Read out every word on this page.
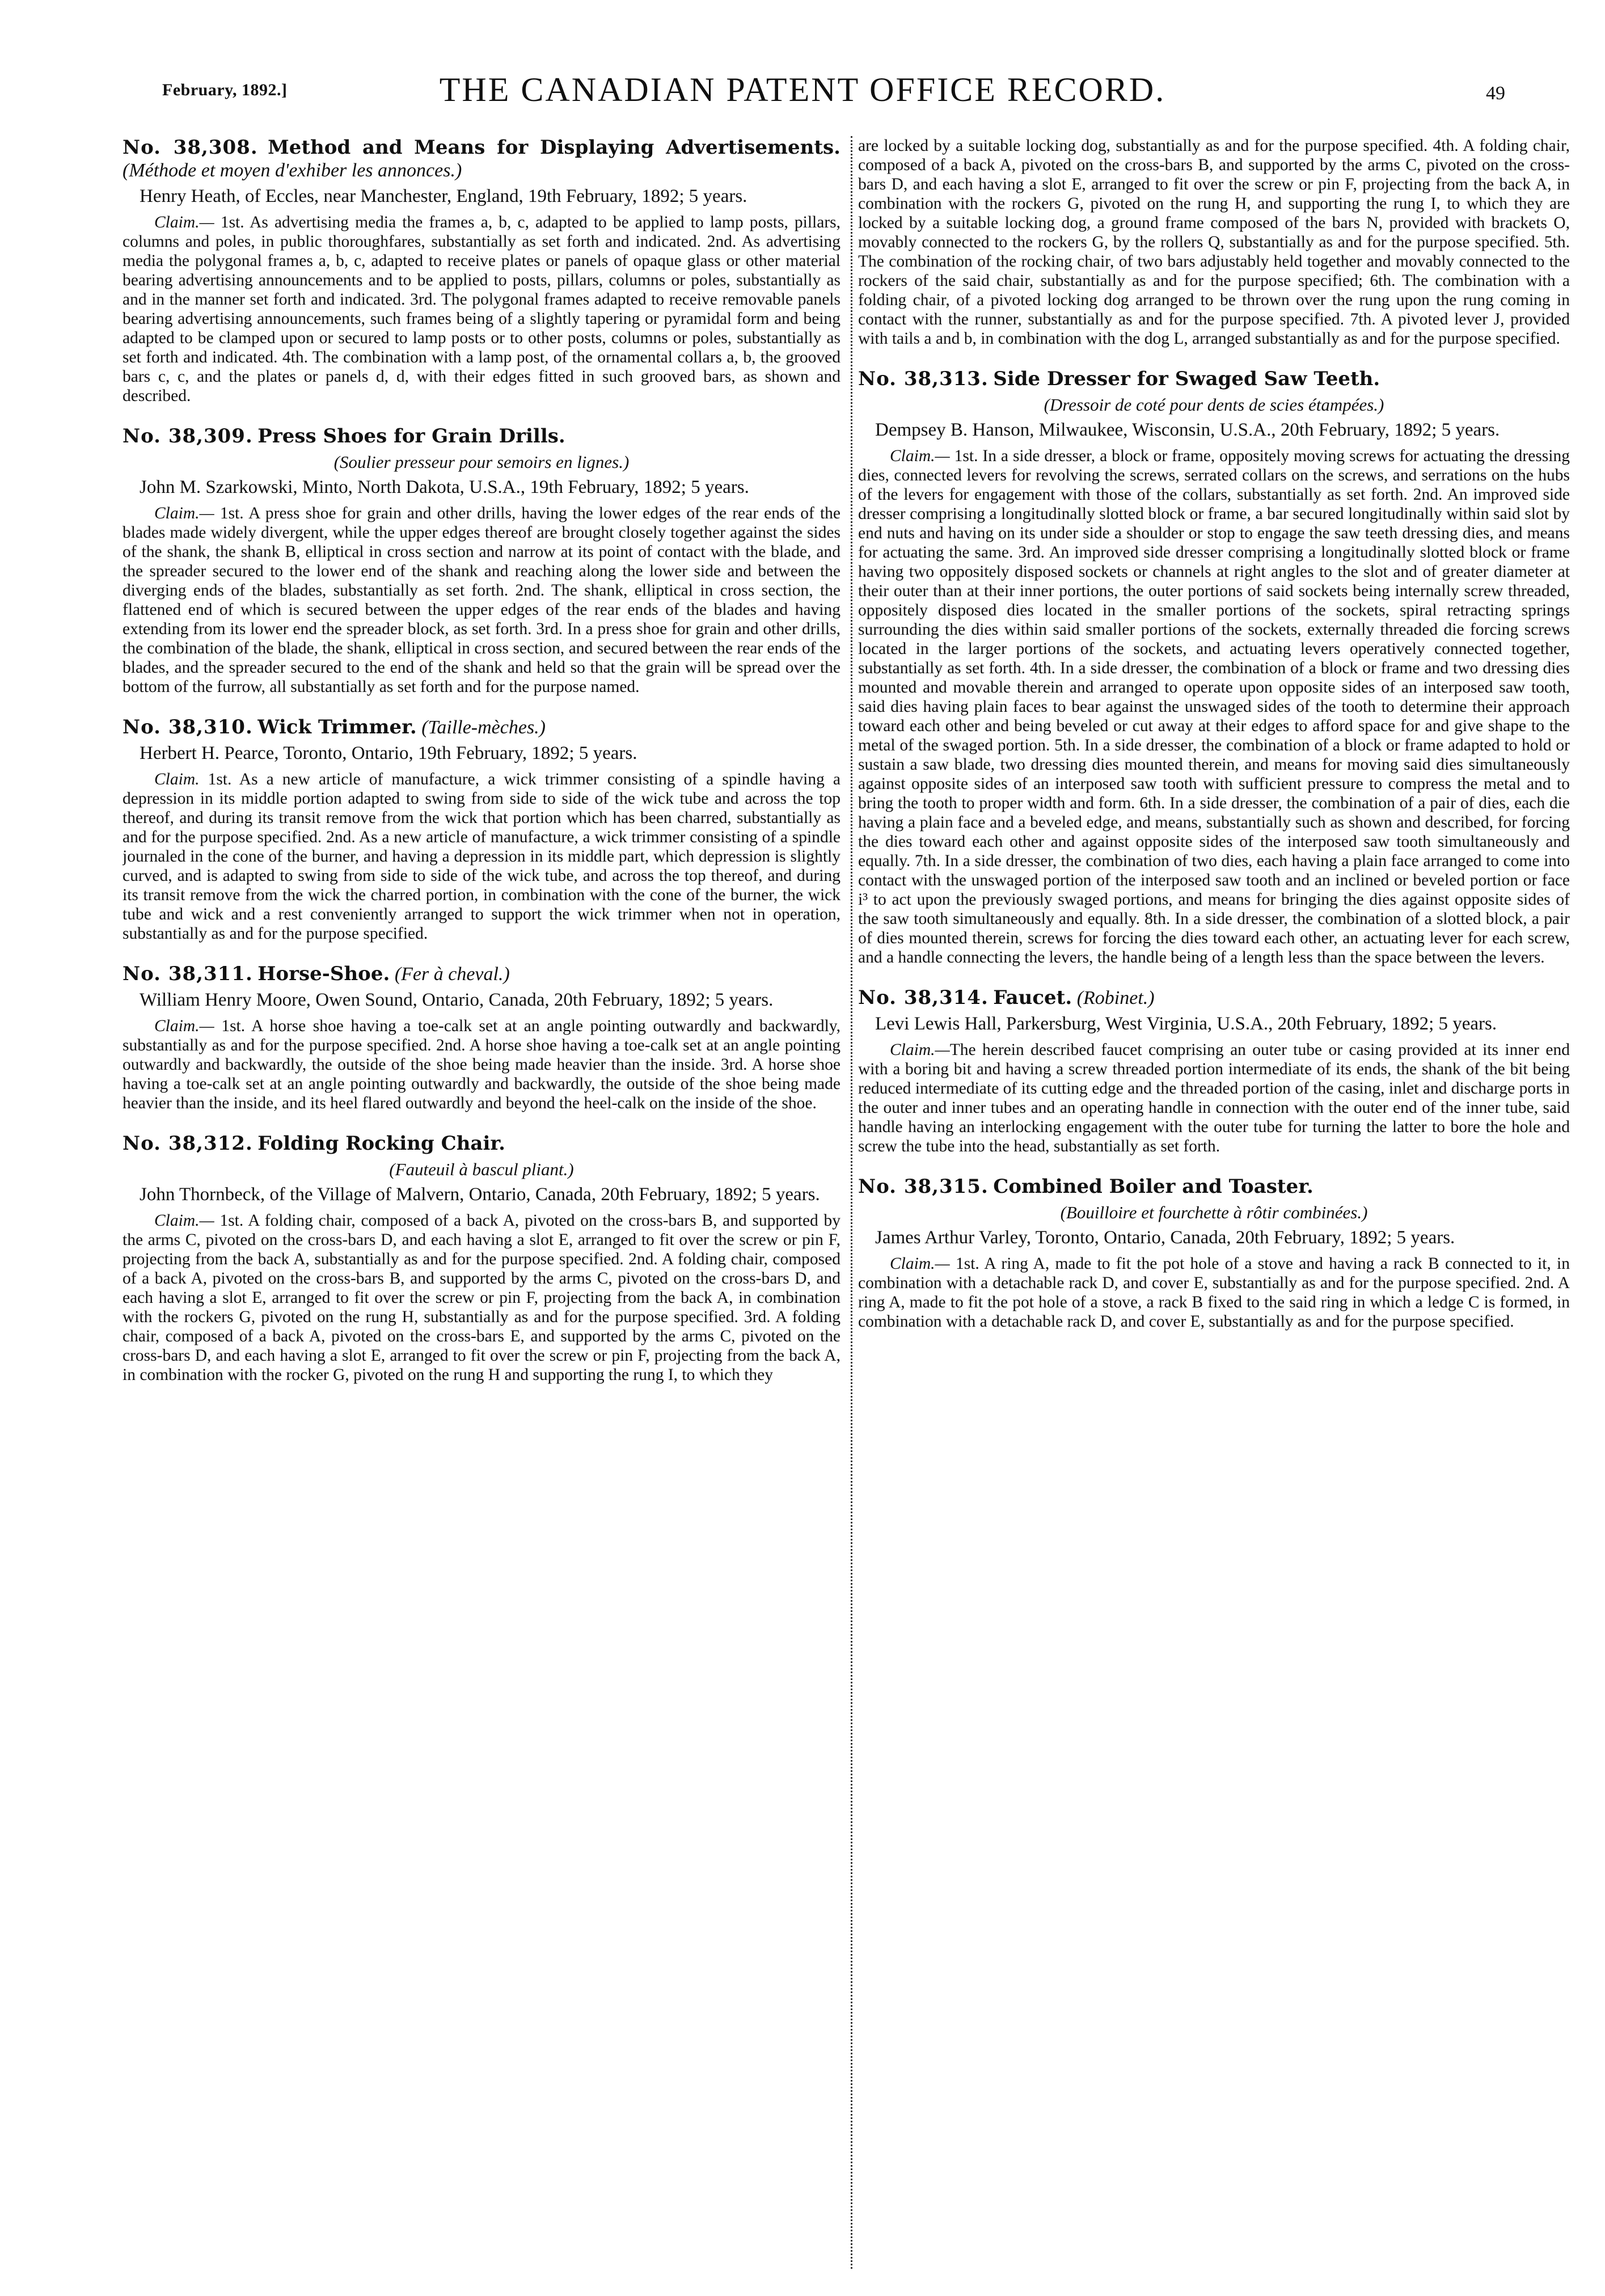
February, 1892.]	THE CANADIAN PATENT OFFICE RECORD.	49
No. 38,308. Method and Means for Displaying Advertisements. (Méthode et moyen d'exhiber les annonces.)
Henry Heath, of Eccles, near Manchester, England, 19th February, 1892; 5 years.

Claim.— 1st. As advertising media the frames a, b, c, adapted to be applied to lamp posts, pillars, columns and poles, in public thoroughfares, substantially as set forth and indicated. 2nd. As advertising media the polygonal frames a, b, c, adapted to receive plates or panels of opaque glass or other material bearing advertising announcements and to be applied to posts, pillars, columns or poles, substantially as and in the manner set forth and indicated. 3rd. The polygonal frames adapted to receive removable panels bearing advertising announcements, such frames being of a slightly tapering or pyramidal form and being adapted to be clamped upon or secured to lamp posts or to other posts, columns or poles, substantially as set forth and indicated. 4th. The combination with a lamp post, of the ornamental collars a, b, the grooved bars c, c, and the plates or panels d, d, with their edges fitted in such grooved bars, as shown and described.

No. 38,309. Press Shoes for Grain Drills.
(Soulier presseur pour semoirs en lignes.)
John M. Szarkowski, Minto, North Dakota, U.S.A., 19th February, 1892; 5 years.

Claim.— 1st. A press shoe for grain and other drills, having the lower edges of the rear ends of the blades made widely divergent, while the upper edges thereof are brought closely together against the sides of the shank, the shank B, elliptical in cross section and narrow at its point of contact with the blade, and the spreader secured to the lower end of the shank and reaching along the lower side and between the diverging ends of the blades, substantially as set forth. 2nd. The shank, elliptical in cross section, the flattened end of which is secured between the upper edges of the rear ends of the blades and having extending from its lower end the spreader block, as set forth. 3rd. In a press shoe for grain and other drills, the combination of the blade, the shank, elliptical in cross section, and secured between the rear ends of the blades, and the spreader secured to the end of the shank and held so that the grain will be spread over the bottom of the furrow, all substantially as set forth and for the purpose named.

No. 38,310. Wick Trimmer. (Taille-mèches.)
Herbert H. Pearce, Toronto, Ontario, 19th February, 1892; 5 years.

Claim. 1st. As a new article of manufacture, a wick trimmer consisting of a spindle having a depression in its middle portion adapted to swing from side to side of the wick tube and across the top thereof, and during its transit remove from the wick that portion which has been charred, substantially as and for the purpose specified. 2nd. As a new article of manufacture, a wick trimmer consisting of a spindle journaled in the cone of the burner, and having a depression in its middle part, which depression is slightly curved, and is adapted to swing from side to side of the wick tube, and across the top thereof, and during its transit remove from the wick the charred portion, in combination with the cone of the burner, the wick tube and wick and a rest conveniently arranged to support the wick trimmer when not in operation, substantially as and for the purpose specified.

No. 38,311. Horse-Shoe. (Fer à cheval.)
William Henry Moore, Owen Sound, Ontario, Canada, 20th February, 1892; 5 years.

Claim.— 1st. A horse shoe having a toe-calk set at an angle pointing outwardly and backwardly, substantially as and for the purpose specified. 2nd. A horse shoe having a toe-calk set at an angle pointing outwardly and backwardly, the outside of the shoe being made heavier than the inside. 3rd. A horse shoe having a toe-calk set at an angle pointing outwardly and backwardly, the outside of the shoe being made heavier than the inside, and its heel flared outwardly and beyond the heel-calk on the inside of the shoe.

No. 38,312. Folding Rocking Chair.
(Fauteuil à bascul pliant.)
John Thornbeck, of the Village of Malvern, Ontario, Canada, 20th February, 1892; 5 years.

Claim.— 1st. A folding chair, composed of a back A, pivoted on the cross-bars B, and supported by the arms C, pivoted on the cross-bars D, and each having a slot E, arranged to fit over the screw or pin F, projecting from the back A, substantially as and for the purpose specified. 2nd. A folding chair, composed of a back A, pivoted on the cross-bars B, and supported by the arms C, pivoted on the cross-bars D, and each having a slot E, arranged to fit over the screw or pin F, projecting from the back A, in combination with the rockers G, pivoted on the rung H, substantially as and for the purpose specified. 3rd. A folding chair, composed of a back A, pivoted on the cross-bars E, and supported by the arms C, pivoted on the cross-bars D, and each having a slot E, arranged to fit over the screw or pin F, projecting from the back A, in combination with the rocker G, pivoted on the rung H and supporting the rung I, to which they

are locked by a suitable locking dog, substantially as and for the purpose specified. 4th. A folding chair, composed of a back A, pivoted on the cross-bars B, and supported by the arms C, pivoted on the cross-bars D, and each having a slot E, arranged to fit over the screw or pin F, projecting from the back A, in combination with the rockers G, pivoted on the rung H, and supporting the rung I, to which they are locked by a suitable locking dog, a ground frame composed of the bars N, provided with brackets O, movably connected to the rockers G, by the rollers Q, substantially as and for the purpose specified. 5th. The combination of the rocking chair, of two bars adjustably held together and movably connected to the rockers of the said chair, substantially as and for the purpose specified; 6th. The combination with a folding chair, of a pivoted locking dog arranged to be thrown over the rung upon the rung coming in contact with the runner, substantially as and for the purpose specified. 7th. A pivoted lever J, provided with tails a and b, in combination with the dog L, arranged substantially as and for the purpose specified.

No. 38,313. Side Dresser for Swaged Saw Teeth.
(Dressoir de coté pour dents de scies étampées.)
Dempsey B. Hanson, Milwaukee, Wisconsin, U.S.A., 20th February, 1892; 5 years.

Claim.— 1st. In a side dresser, a block or frame, oppositely moving screws for actuating the dressing dies, connected levers for revolving the screws, serrated collars on the screws, and serrations on the hubs of the levers for engagement with those of the collars, substantially as set forth. 2nd. An improved side dresser comprising a longitudinally slotted block or frame, a bar secured longitudinally within said slot by end nuts and having on its under side a shoulder or stop to engage the saw teeth dressing dies, and means for actuating the same. 3rd. An improved side dresser comprising a longitudinally slotted block or frame having two oppositely disposed sockets or channels at right angles to the slot and of greater diameter at their outer than at their inner portions, the outer portions of said sockets being internally screw threaded, oppositely disposed dies located in the smaller portions of the sockets, spiral retracting springs surrounding the dies within said smaller portions of the sockets, externally threaded die forcing screws located in the larger portions of the sockets, and actuating levers operatively connected together, substantially as set forth. 4th. In a side dresser, the combination of a block or frame and two dressing dies mounted and movable therein and arranged to operate upon opposite sides of an interposed saw tooth, said dies having plain faces to bear against the unswaged sides of the tooth to determine their approach toward each other and being beveled or cut away at their edges to afford space for and give shape to the metal of the swaged portion. 5th. In a side dresser, the combination of a block or frame adapted to hold or sustain a saw blade, two dressing dies mounted therein, and means for moving said dies simultaneously against opposite sides of an interposed saw tooth with sufficient pressure to compress the metal and to bring the tooth to proper width and form. 6th. In a side dresser, the combination of a pair of dies, each die having a plain face and a beveled edge, and means, substantially such as shown and described, for forcing the dies toward each other and against opposite sides of the interposed saw tooth simultaneously and equally. 7th. In a side dresser, the combination of two dies, each having a plain face arranged to come into contact with the unswaged portion of the interposed saw tooth and an inclined or beveled portion or face i³ to act upon the previously swaged portions, and means for bringing the dies against opposite sides of the saw tooth simultaneously and equally. 8th. In a side dresser, the combination of a slotted block, a pair of dies mounted therein, screws for forcing the dies toward each other, an actuating lever for each screw, and a handle connecting the levers, the handle being of a length less than the space between the levers.

No. 38,314. Faucet. (Robinet.)
Levi Lewis Hall, Parkersburg, West Virginia, U.S.A., 20th February, 1892; 5 years.

Claim.—The herein described faucet comprising an outer tube or casing provided at its inner end with a boring bit and having a screw threaded portion intermediate of its ends, the shank of the bit being reduced intermediate of its cutting edge and the threaded portion of the casing, inlet and discharge ports in the outer and inner tubes and an operating handle in connection with the outer end of the inner tube, said handle having an interlocking engagement with the outer tube for turning the latter to bore the hole and screw the tube into the head, substantially as set forth.

No. 38,315. Combined Boiler and Toaster.
(Bouilloire et fourchette à rôtir combinées.)
James Arthur Varley, Toronto, Ontario, Canada, 20th February, 1892; 5 years.

Claim.— 1st. A ring A, made to fit the pot hole of a stove and having a rack B connected to it, in combination with a detachable rack D, and cover E, substantially as and for the purpose specified. 2nd. A ring A, made to fit the pot hole of a stove, a rack B fixed to the said ring in which a ledge C is formed, in combination with a detachable rack D, and cover E, substantially as and for the purpose specified.
